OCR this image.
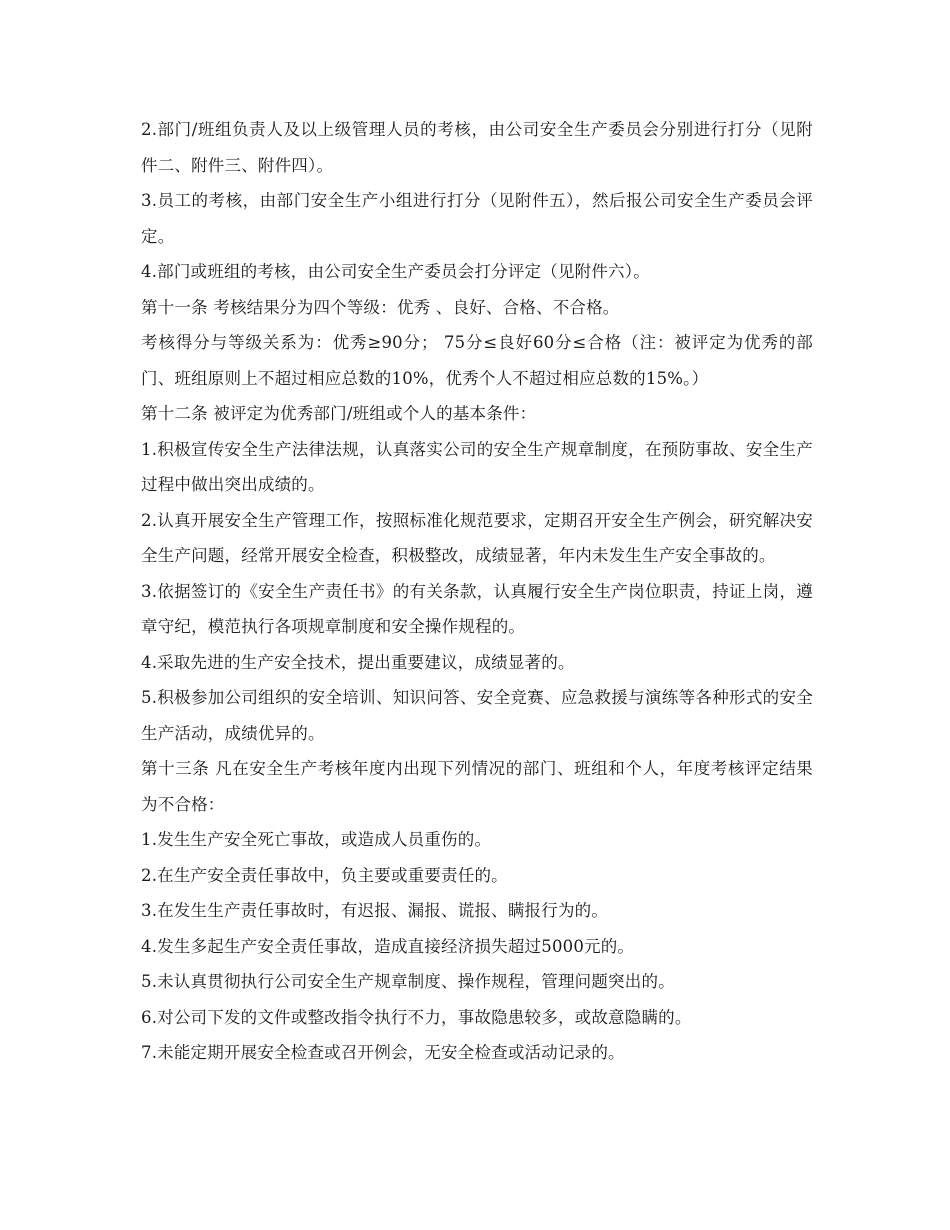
2.部门/班组负责人及以上级管理人员的考核，由公司安全生产委员会分别进行打分（见附件二、附件三、附件四）。

3.员工的考核，由部门安全生产小组进行打分（见附件五），然后报公司安全生产委员会评定。

4.部门或班组的考核，由公司安全生产委员会打分评定（见附件六）。

第十一条 考核结果分为四个等级：优秀 、良好、合格、不合格。

考核得分与等级关系为：优秀≥90分； 75分≤良好60分≤合格（注：被评定为优秀的部门、班组原则上不超过相应总数的10%，优秀个人不超过相应总数的15%。）

第十二条 被评定为优秀部门/班组或个人的基本条件：

1.积极宣传安全生产法律法规，认真落实公司的安全生产规章制度，在预防事故、安全生产过程中做出突出成绩的。

2.认真开展安全生产管理工作，按照标准化规范要求，定期召开安全生产例会，研究解决安全生产问题，经常开展安全检查，积极整改，成绩显著，年内未发生生产安全事故的。

3.依据签订的《安全生产责任书》的有关条款，认真履行安全生产岗位职责，持证上岗，遵章守纪，模范执行各项规章制度和安全操作规程的。

4.采取先进的生产安全技术，提出重要建议，成绩显著的。

5.积极参加公司组织的安全培训、知识问答、安全竞赛、应急救援与演练等各种形式的安全生产活动，成绩优异的。

第十三条 凡在安全生产考核年度内出现下列情况的部门、班组和个人，年度考核评定结果为不合格：

1.发生生产安全死亡事故，或造成人员重伤的。

2.在生产安全责任事故中，负主要或重要责任的。

3.在发生生产责任事故时，有迟报、漏报、谎报、瞒报行为的。

4.发生多起生产安全责任事故，造成直接经济损失超过5000元的。

5.未认真贯彻执行公司安全生产规章制度、操作规程，管理问题突出的。

6.对公司下发的文件或整改指令执行不力，事故隐患较多，或故意隐瞒的。

7.未能定期开展安全检查或召开例会，无安全检查或活动记录的。
